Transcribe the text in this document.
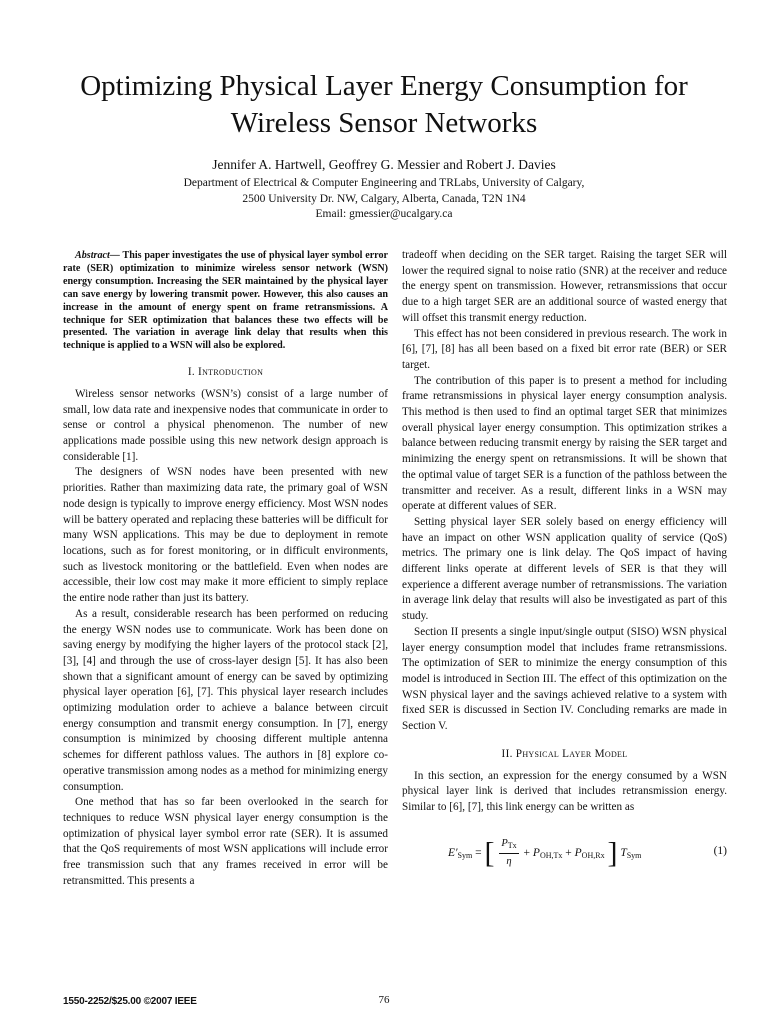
Optimizing Physical Layer Energy Consumption for
Wireless Sensor Networks
Jennifer A. Hartwell, Geoffrey G. Messier and Robert J. Davies
Department of Electrical & Computer Engineering and TRLabs, University of Calgary,
2500 University Dr. NW, Calgary, Alberta, Canada, T2N 1N4
Email: gmessier@ucalgary.ca

Abstract— This paper investigates the use of physical layer symbol error rate (SER) optimization to minimize wireless sensor network (WSN) energy consumption. Increasing the SER maintained by the physical layer can save energy by lowering transmit power. However, this also causes an increase in the amount of energy spent on frame retransmissions. A technique for SER optimization that balances these two effects will be presented. The variation in average link delay that results when this technique is applied to a WSN will also be explored.

I. Introduction

Wireless sensor networks (WSN’s) consist of a large number of small, low data rate and inexpensive nodes that communicate in order to sense or control a physical phenomenon. The number of new applications made possible using this new network design approach is considerable [1].

The designers of WSN nodes have been presented with new priorities. Rather than maximizing data rate, the primary goal of WSN node design is typically to improve energy efficiency. Most WSN nodes will be battery operated and replacing these batteries will be difficult for many WSN applications. This may be due to deployment in remote locations, such as for forest monitoring, or in difficult environments, such as livestock monitoring or the battlefield. Even when nodes are accessible, their low cost may make it more efficient to simply replace the entire node rather than just its battery.

As a result, considerable research has been performed on reducing the energy WSN nodes use to communicate. Work has been done on saving energy by modifying the higher layers of the protocol stack [2], [3], [4] and through the use of cross-layer design [5]. It has also been shown that a significant amount of energy can be saved by optimizing physical layer operation [6], [7]. This physical layer research includes optimizing modulation order to achieve a balance between circuit energy consumption and transmit energy consumption. In [7], energy consumption is minimized by choosing different multiple antenna schemes for different pathloss values. The authors in [8] explore co-operative transmission among nodes as a method for minimizing energy consumption.

One method that has so far been overlooked in the search for techniques to reduce WSN physical layer energy consumption is the optimization of physical layer symbol error rate (SER). It is assumed that the QoS requirements of most WSN applications will include error free transmission such that any frames received in error will be retransmitted. This presents a

tradeoff when deciding on the SER target. Raising the target SER will lower the required signal to noise ratio (SNR) at the receiver and reduce the energy spent on transmission. However, retransmissions that occur due to a high target SER are an additional source of wasted energy that will offset this transmit energy reduction.

This effect has not been considered in previous research. The work in [6], [7], [8] has all been based on a fixed bit error rate (BER) or SER target.

The contribution of this paper is to present a method for including frame retransmissions in physical layer energy consumption analysis. This method is then used to find an optimal target SER that minimizes overall physical layer energy consumption. This optimization strikes a balance between reducing transmit energy by raising the SER target and minimizing the energy spent on retransmissions. It will be shown that the optimal value of target SER is a function of the pathloss between the transmitter and receiver. As a result, different links in a WSN may operate at different values of SER.

Setting physical layer SER solely based on energy efficiency will have an impact on other WSN application quality of service (QoS) metrics. The primary one is link delay. The QoS impact of having different links operate at different levels of SER is that they will experience a different average number of retransmissions. The variation in average link delay that results will also be investigated as part of this study.

Section II presents a single input/single output (SISO) WSN physical layer energy consumption model that includes frame retransmissions. The optimization of SER to minimize the energy consumption of this model is introduced in Section III. The effect of this optimization on the WSN physical layer and the savings achieved relative to a system with fixed SER is discussed in Section IV. Concluding remarks are made in Section V.

II. Physical Layer Model

In this section, an expression for the energy consumed by a WSN physical layer link is derived that includes retransmission energy. Similar to [6], [7], this link energy can be written as

$E'_{Sym}$ = [ $\frac{P_{Tx}}{\eta} + P_{OH,Tx} + P_{OH,Rx}$ ] $T_{Sym}$	(1)
1550-2252/$25.00 ©2007 IEEE	76
